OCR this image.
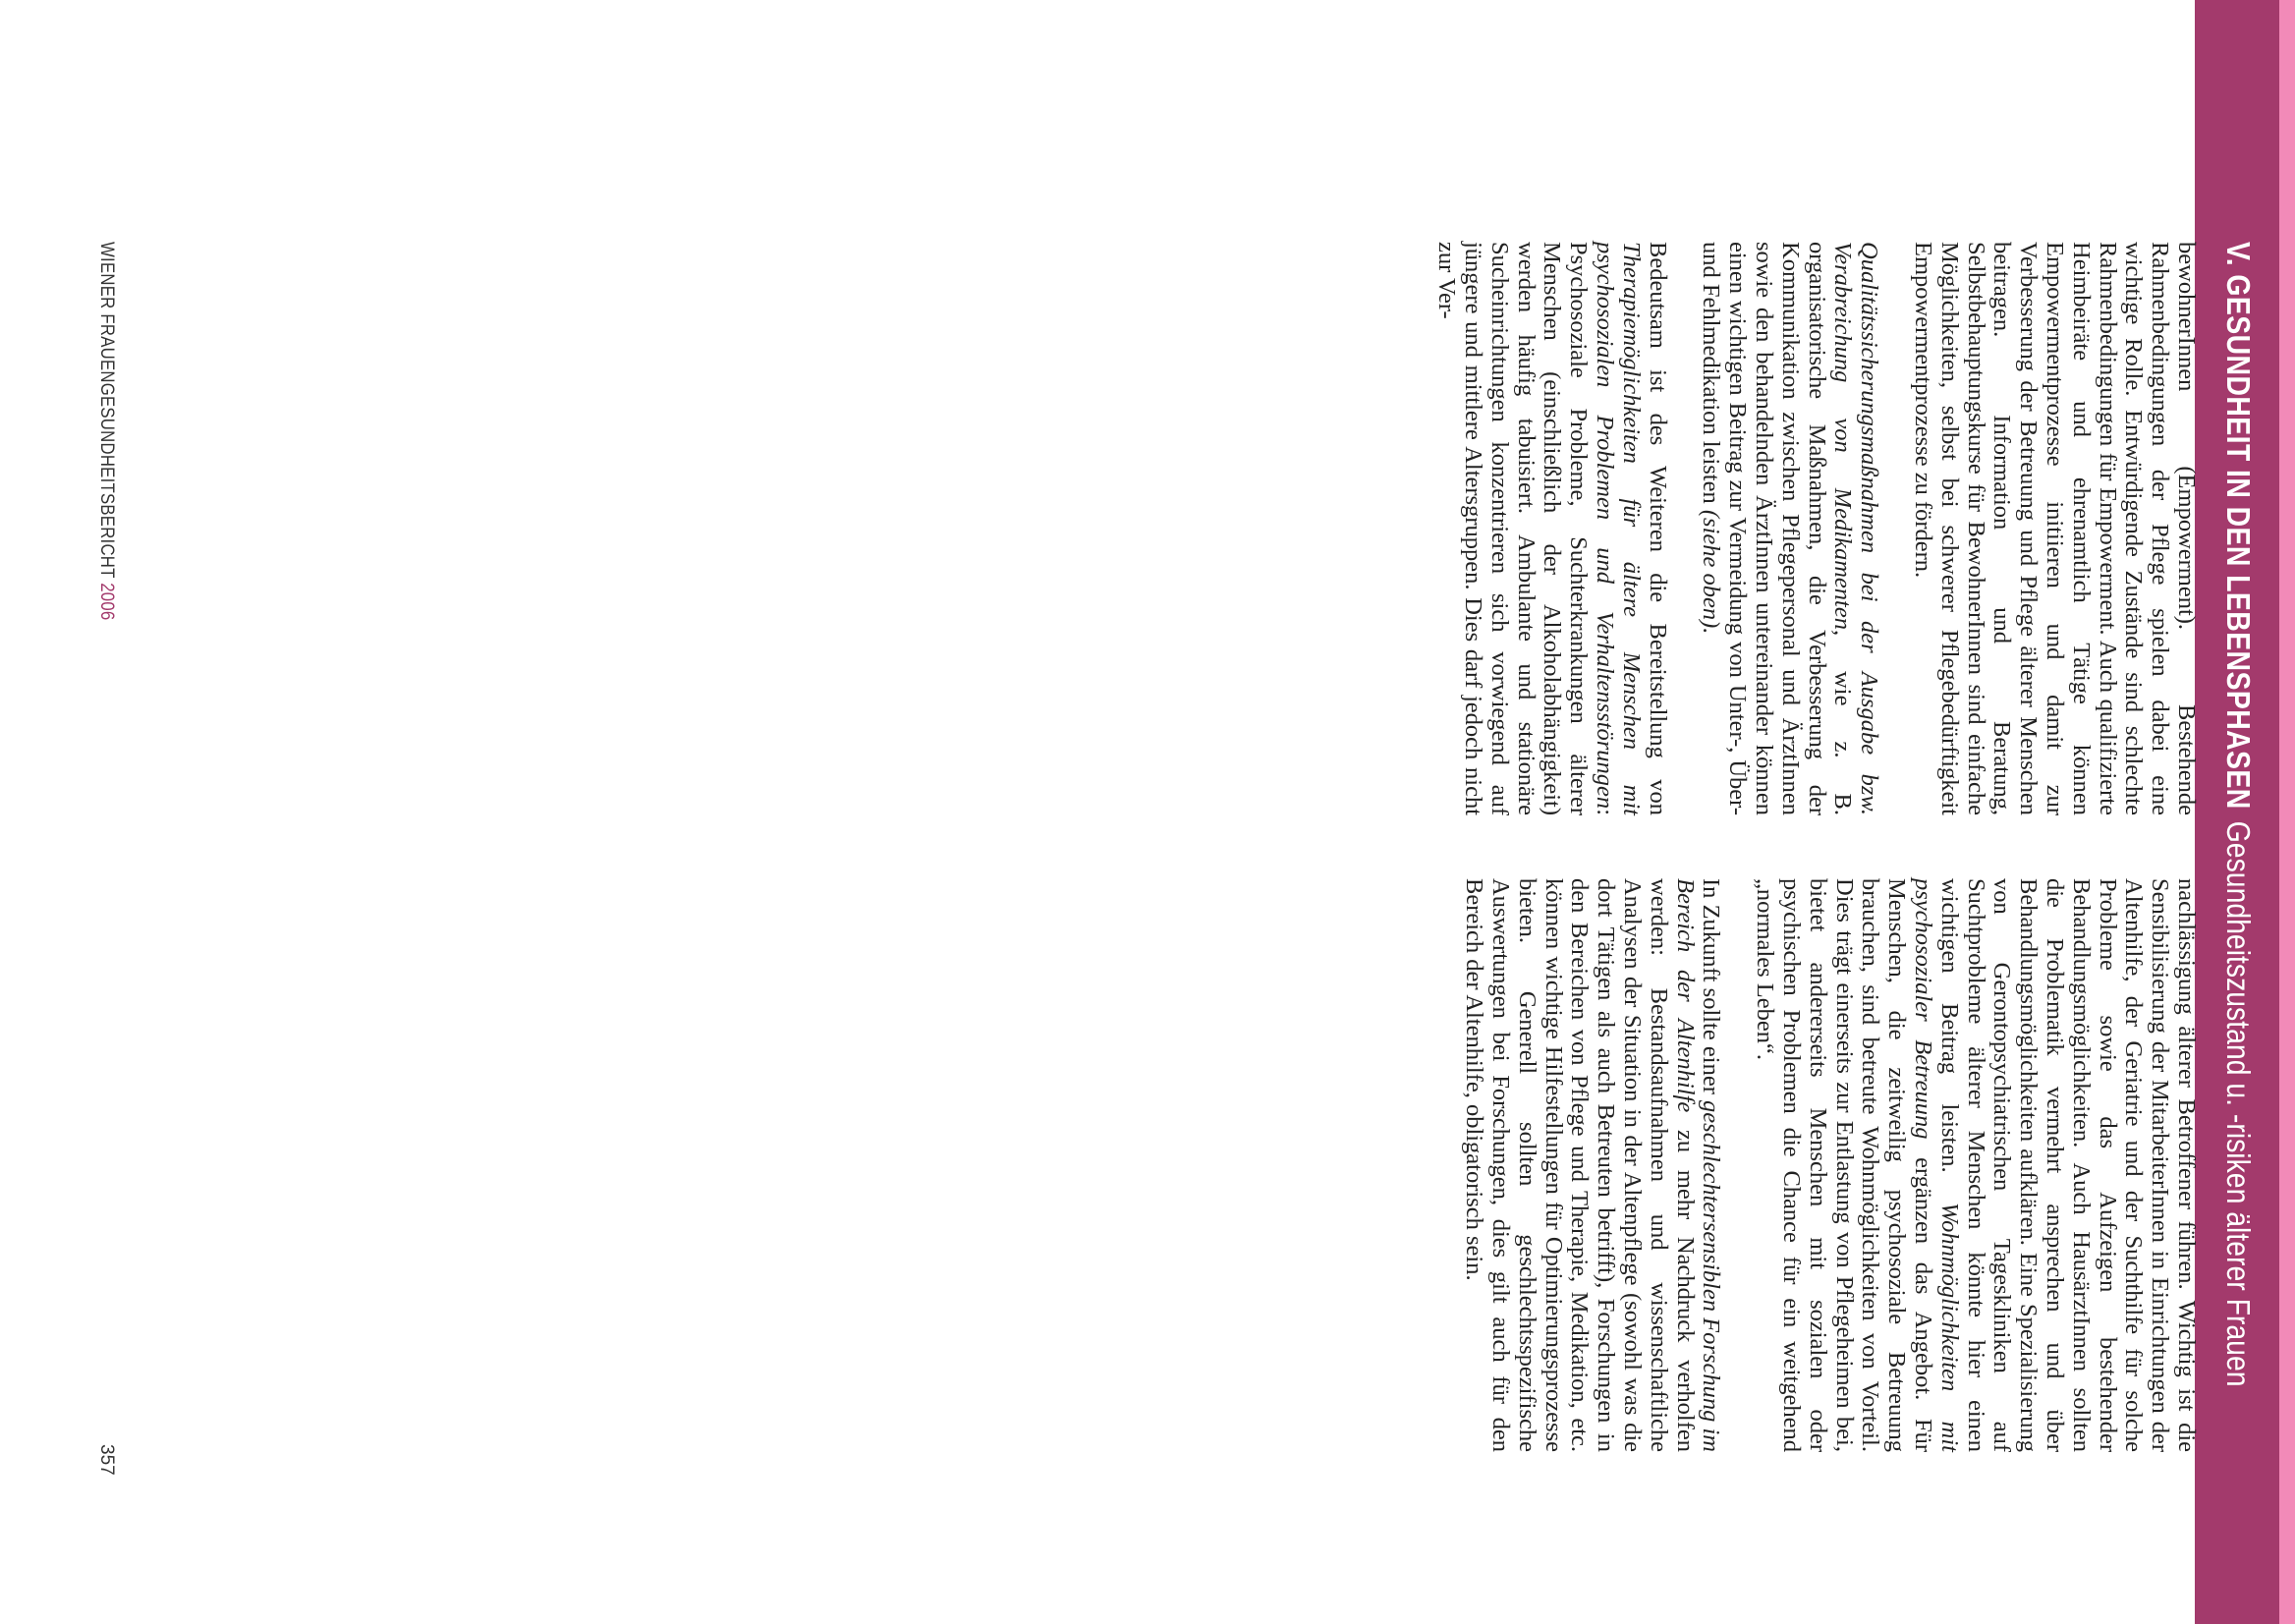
V. GESUNDHEIT IN DEN LEBENSPHASEN
Gesundheitszustand u. -risiken älterer Frauen

bewohnerInnen (Empowerment). Bestehende Rahmenbedingungen der Pflege spielen dabei eine wichtige Rolle. Entwürdigende Zustände sind schlechte Rahmenbedingungen für Empowerment. Auch qualifizierte Heimbeiräte und ehrenamtlich Tätige können Empowermentprozesse initiieren und damit zur Verbesserung der Betreuung und Pflege älterer Menschen beitragen. Information und Beratung, Selbstbehauptungskurse für BewohnerInnen sind einfache Möglichkeiten, selbst bei schwerer Pflegebedürftigkeit Empowermentprozesse zu fördern.

Qualitätssicherungsmaßnahmen bei der Ausgabe bzw. Verabreichung von Medikamenten, wie z. B. organisatorische Maßnahmen, die Verbesserung der Kommunikation zwischen Pflegepersonal und ÄrztInnen sowie den behandelnden ÄrztInnen untereinander können einen wichtigen Beitrag zur Vermeidung von Unter-, Über- und Fehlmedikation leisten (siehe oben).

Bedeutsam ist des Weiteren die Bereitstellung von Therapiemöglichkeiten für ältere Menschen mit psychosozialen Problemen und Verhaltensstörungen: Psychosoziale Probleme, Suchterkrankungen älterer Menschen (einschließlich der Alkoholabhängigkeit) werden häufig tabuisiert. Ambulante und stationäre Sucheinrichtungen konzentrieren sich vorwiegend auf jüngere und mittlere Altersgruppen. Dies darf jedoch nicht zur Ver-

nachlässigung älterer Betroffener führen. Wichtig ist die Sensibilisierung der MitarbeiterInnen in Einrichtungen der Altenhilfe, der Geriatrie und der Suchthilfe für solche Probleme sowie das Aufzeigen bestehender Behandlungsmöglichkeiten. Auch HausärztInnen sollten die Problematik vermehrt ansprechen und über Behandlungsmöglichkeiten aufklären. Eine Spezialisierung von Gerontopsychiatrischen Tageskliniken auf Suchtprobleme älterer Menschen könnte hier einen wichtigen Beitrag leisten. Wohnmöglichkeiten mit psychosozialer Betreuung ergänzen das Angebot. Für Menschen, die zeitweilig psychosoziale Betreuung brauchen, sind betreute Wohnmöglichkeiten von Vorteil. Dies trägt einerseits zur Entlastung von Pflegeheimen bei, bietet andererseits Menschen mit sozialen oder psychischen Problemen die Chance für ein weitgehend „normales Leben“.

In Zukunft sollte einer geschlechtersensiblen Forschung im Bereich der Altenhilfe zu mehr Nachdruck verholfen werden: Bestandsaufnahmen und wissenschaftliche Analysen der Situation in der Altenpflege (sowohl was die dort Tätigen als auch Betreuten betrifft), Forschungen in den Bereichen von Pflege und Therapie, Medikation, etc. können wichtige Hilfestellungen für Optimierungsprozesse bieten. Generell sollten geschlechtsspezifische Auswertungen bei Forschungen, dies gilt auch für den Bereich der Altenhilfe, obligatorisch sein.

WIENER FRAUENGESUNDHEITSBERICHT 2006
357
